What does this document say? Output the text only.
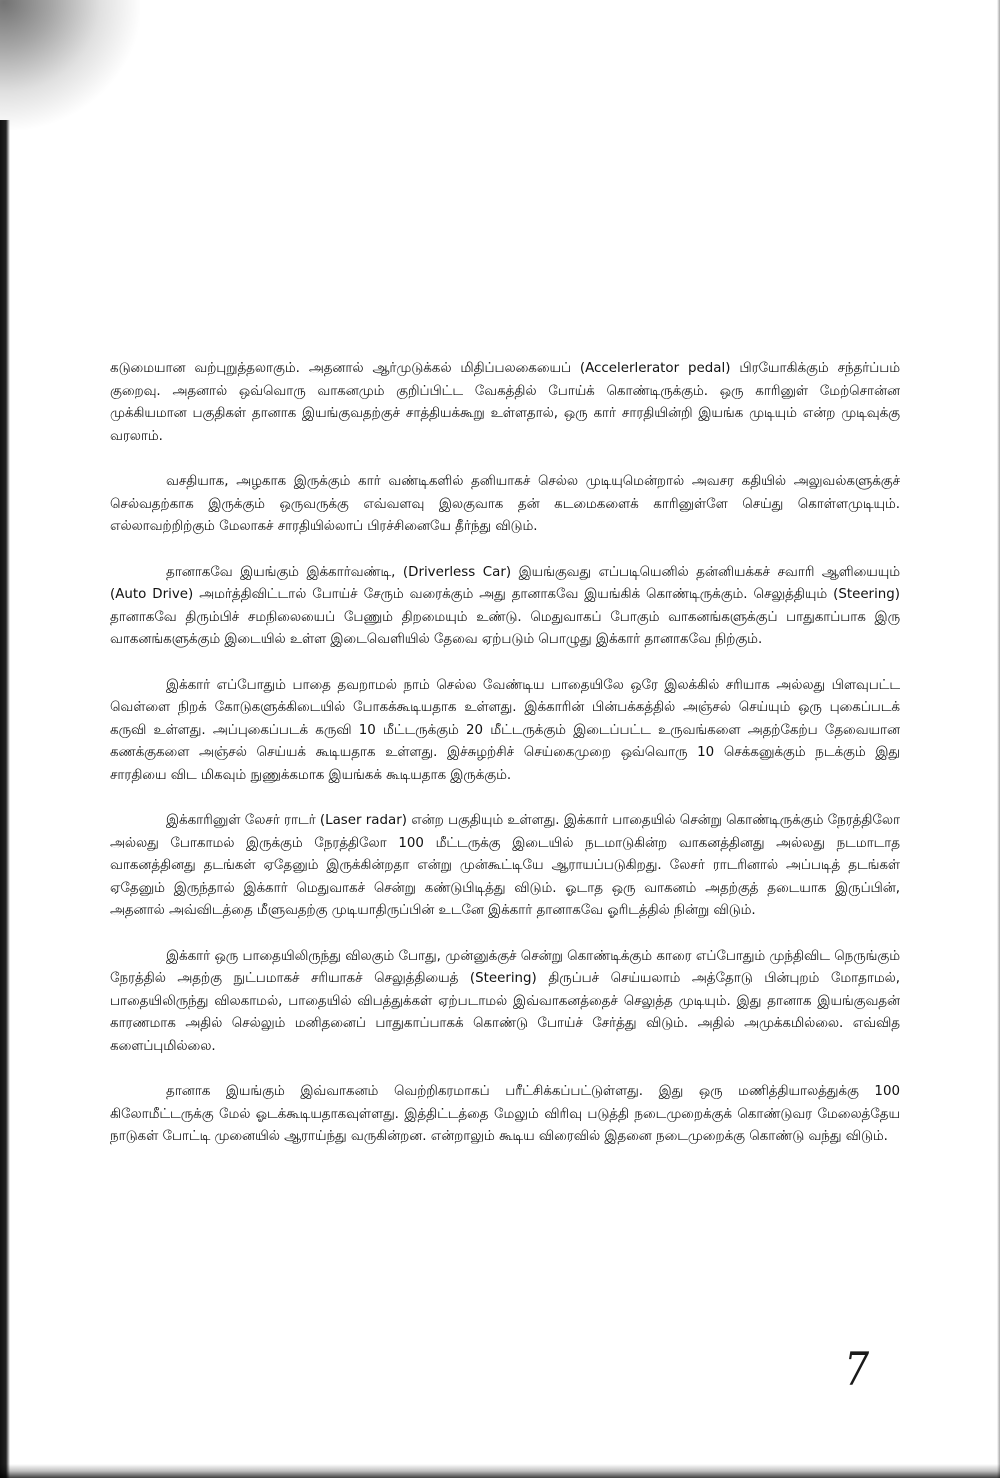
கடுமையான வற்புறுத்தலாகும். அதனால் ஆர்முடுக்கல் மிதிப்பலகையைப் (Accelerlerator pedal) பிரயோகிக்கும் சந்தர்ப்பம் குறைவு. அதனால் ஒவ்வொரு வாகனமும் குறிப்பிட்ட வேகத்தில் போய்க் கொண்டிருக்கும். ஒரு காரினுள் மேற்சொன்ன முக்கியமான பகுதிகள் தானாக இயங்குவதற்குச் சாத்தியக்கூறு உள்ளதால், ஒரு கார் சாரதியின்றி இயங்க முடியும் என்ற முடிவுக்கு வரலாம்.

வசதியாக, அழகாக இருக்கும் கார் வண்டிகளில் தனியாகச் செல்ல முடியுமென்றால் அவசர கதியில் அலுவல்களுக்குச் செல்வதற்காக இருக்கும் ஒருவருக்கு எவ்வளவு இலகுவாக தன் கடமைகளைக் காரினுள்ளே செய்து கொள்ளமுடியும். எல்லாவற்றிற்கும் மேலாகச் சாரதியில்லாப் பிரச்சினையே தீர்ந்து விடும்.

தானாகவே இயங்கும் இக்கார்வண்டி, (Driverless Car) இயங்குவது எப்படியெனில் தன்னியக்கச் சவாரி ஆளியையும் (Auto Drive) அமர்த்திவிட்டால் போய்ச் சேரும் வரைக்கும் அது தானாகவே இயங்கிக் கொண்டிருக்கும். செலுத்தியும் (Steering) தானாகவே திரும்பிச் சமநிலையைப் பேணும் திறமையும் உண்டு. மெதுவாகப் போகும் வாகனங்களுக்குப் பாதுகாப்பாக இரு வாகனங்களுக்கும் இடையில் உள்ள இடைவெளியில் தேவை ஏற்படும் பொழுது இக்கார் தானாகவே நிற்கும்.

இக்கார் எப்போதும் பாதை தவறாமல் நாம் செல்ல வேண்டிய பாதையிலே ஒரே இலக்கில் சரியாக அல்லது பிளவுபட்ட வெள்ளை நிறக் கோடுகளுக்கிடையில் போகக்கூடியதாக உள்ளது. இக்காரின் பின்பக்கத்தில் அஞ்சல் செய்யும் ஒரு புகைப்படக் கருவி உள்ளது. அப்புகைப்படக் கருவி 10 மீட்டருக்கும் 20 மீட்டருக்கும் இடைப்பட்ட உருவங்களை அதற்கேற்ப தேவையான கணக்குகளை அஞ்சல் செய்யக் கூடியதாக உள்ளது. இச்சுழற்சிச் செய்கைமுறை ஒவ்வொரு 10 செக்கனுக்கும் நடக்கும் இது சாரதியை விட மிகவும் நுணுக்கமாக இயங்கக் கூடியதாக இருக்கும்.

இக்காரினுள் லேசர் ராடர் (Laser radar) என்ற பகுதியும் உள்ளது. இக்கார் பாதையில் சென்று கொண்டிருக்கும் நேரத்திலோ அல்லது போகாமல் இருக்கும் நேரத்திலோ 100 மீட்டருக்கு இடையில் நடமாடுகின்ற வாகனத்தினது அல்லது நடமாடாத வாகனத்தினது தடங்கள் ஏதேனும் இருக்கின்றதா என்று முன்கூட்டியே ஆராயப்படுகிறது. லேசர் ராடரினால் அப்படித் தடங்கள் ஏதேனும் இருந்தால் இக்கார் மெதுவாகச் சென்று கண்டுபிடித்து விடும். ஓடாத ஒரு வாகனம் அதற்குத் தடையாக இருப்பின், அதனால் அவ்விடத்தை மீளுவதற்கு முடியாதிருப்பின் உடனே இக்கார் தானாகவே ஓரிடத்தில் நின்று விடும்.

இக்கார் ஒரு பாதையிலிருந்து விலகும் போது, முன்னுக்குச் சென்று கொண்டிக்கும் காரை எப்போதும் முந்திவிட நெருங்கும் நேரத்தில் அதற்கு நுட்பமாகச் சரியாகச் செலுத்தியைத் (Steering) திருப்பச் செய்யலாம் அத்தோடு பின்புறம் மோதாமல், பாதையிலிருந்து விலகாமல், பாதையில் விபத்துக்கள் ஏற்படாமல் இவ்வாகனத்தைச் செலுத்த முடியும். இது தானாக இயங்குவதன் காரணமாக அதில் செல்லும் மனிதனைப் பாதுகாப்பாகக் கொண்டு போய்ச் சேர்த்து விடும். அதில் அமுக்கமில்லை. எவ்வித களைப்புமில்லை.

தானாக இயங்கும் இவ்வாகனம் வெற்றிகரமாகப் பரீட்சிக்கப்பட்டுள்ளது. இது ஒரு மணித்தியாலத்துக்கு 100 கிலோமீட்டருக்கு மேல் ஓடக்கூடியதாகவுள்ளது. இத்திட்டத்தை மேலும் விரிவு படுத்தி நடைமுறைக்குக் கொண்டுவர மேலைத்தேய நாடுகள் போட்டி முனையில் ஆராய்ந்து வருகின்றன. என்றாலும் கூடிய விரைவில் இதனை நடைமுறைக்கு கொண்டு வந்து விடும்.

7
